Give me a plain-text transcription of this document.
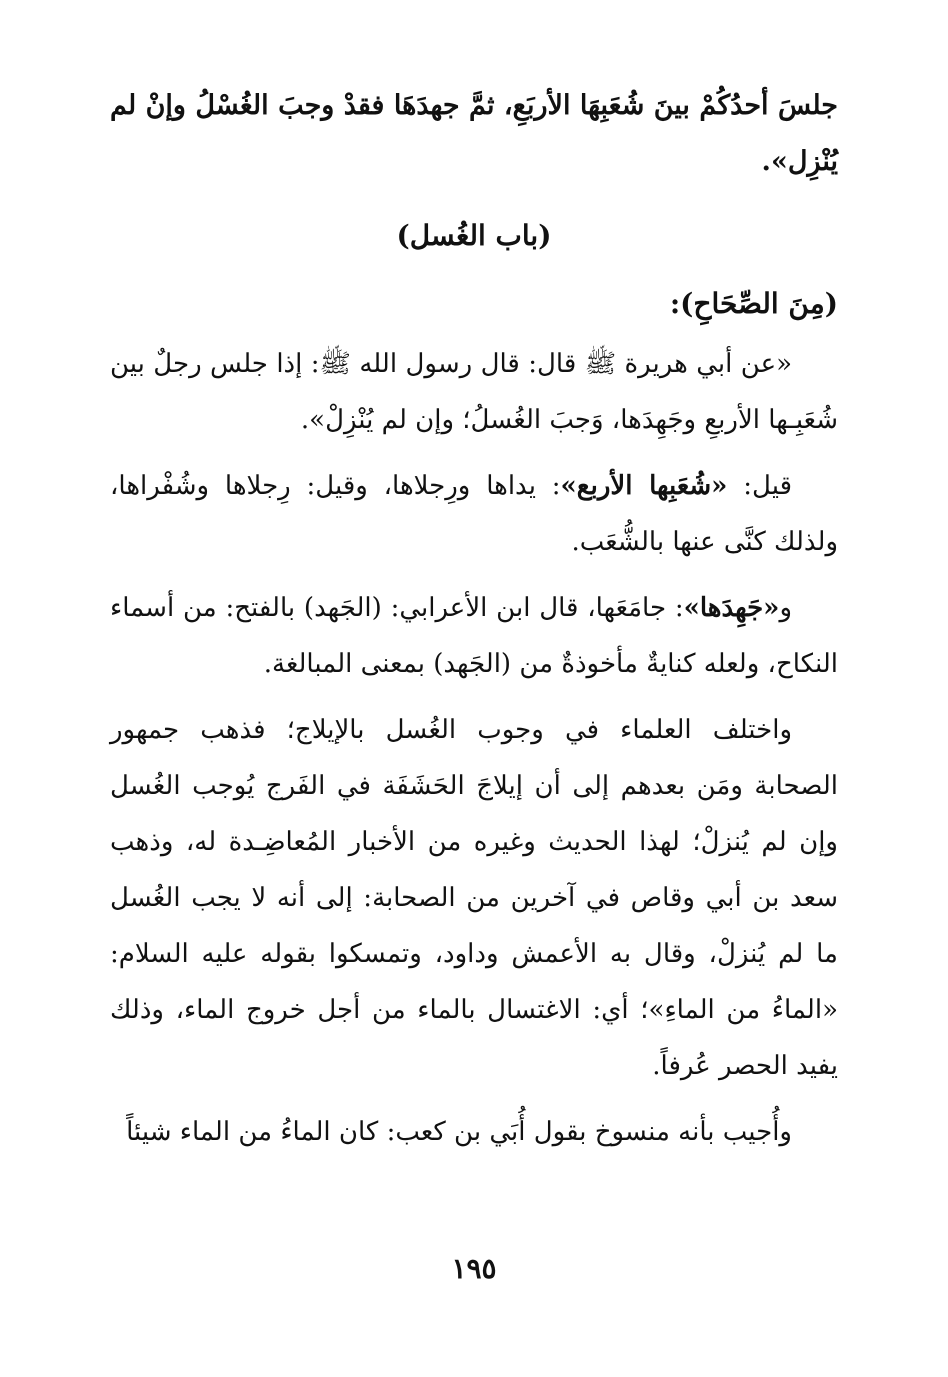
جلسَ أحدُكُمْ بينَ شُعَبِهَا الأربَعِ، ثمَّ جهدَهَا فقدْ وجبَ الغُسْلُ وإنْ لم يُنْزِل».

(باب الغُسل)
(مِنَ الصِّحَاحِ):

«عن أبي هريرة ﷺ قال: قال رسول الله ﷺ: إذا جلس رجلٌ بين شُعَبِـها الأربعِ وجَهِدَها، وَجبَ الغُسلُ؛ وإن لم يُنْزِلْ».

قيل: «شُعَبِها الأربع»: يداها ورِجلاها، وقيل: رِجلاها وشُفْراها، ولذلك كنَّى عنها بالشُّعَب.

و«جَهِدَها»: جامَعَها، قال ابن الأعرابي: (الجَهد) بالفتح: من أسماء النكاح، ولعله كنايةٌ مأخوذةٌ من (الجَهد) بمعنى المبالغة.

واختلف العلماء في وجوب الغُسل بالإيلاج؛ فذهب جمهور الصحابة ومَن بعدهم إلى أن إيلاجَ الحَشَفَة في الفَرج يُوجب الغُسل وإن لم يُنزلْ؛ لهذا الحديث وغيره من الأخبار المُعاضِـدة له، وذهب سعد بن أبي وقاص في آخرين من الصحابة: إلى أنه لا يجب الغُسل ما لم يُنزلْ، وقال به الأعمش وداود، وتمسكوا بقوله عليه السلام: «الماءُ من الماءِ»؛ أي: الاغتسال بالماء من أجل خروج الماء، وذلك يفيد الحصر عُرفاً.

وأُجيب بأنه منسوخ بقول أُبَي بن كعب: كان الماءُ من الماء شيئاً

١٩٥
